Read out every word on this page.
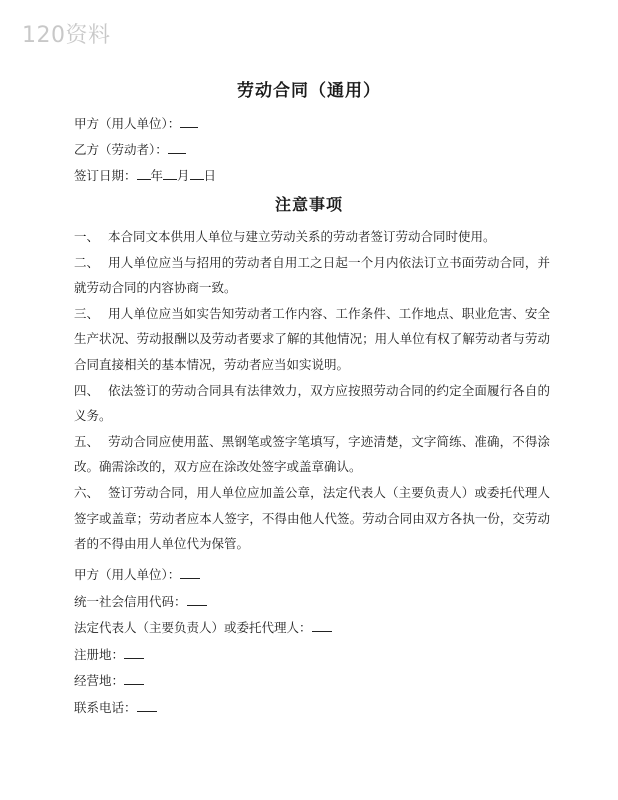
120资料
劳动合同（通用）
甲方（用人单位）：
乙方（劳动者）：
签订日期： 年 月 日
注意事项

一、 本合同文本供用人单位与建立劳动关系的劳动者签订劳动合同时使用。

二、 用人单位应当与招用的劳动者自用工之日起一个月内依法订立书面劳动合同，并就劳动合同的内容协商一致。

三、 用人单位应当如实告知劳动者工作内容、工作条件、工作地点、职业危害、安全生产状况、劳动报酬以及劳动者要求了解的其他情况；用人单位有权了解劳动者与劳动合同直接相关的基本情况，劳动者应当如实说明。

四、 依法签订的劳动合同具有法律效力，双方应按照劳动合同的约定全面履行各自的义务。

五、 劳动合同应使用蓝、黑钢笔或签字笔填写，字迹清楚，文字简练、准确，不得涂改。确需涂改的，双方应在涂改处签字或盖章确认。

六、 签订劳动合同，用人单位应加盖公章，法定代表人（主要负责人）或委托代理人签字或盖章；劳动者应本人签字，不得由他人代签。劳动合同由双方各执一份，交劳动者的不得由用人单位代为保管。

甲方（用人单位）：
统一社会信用代码：
法定代表人（主要负责人）或委托代理人：
注册地：
经营地：
联系电话：
